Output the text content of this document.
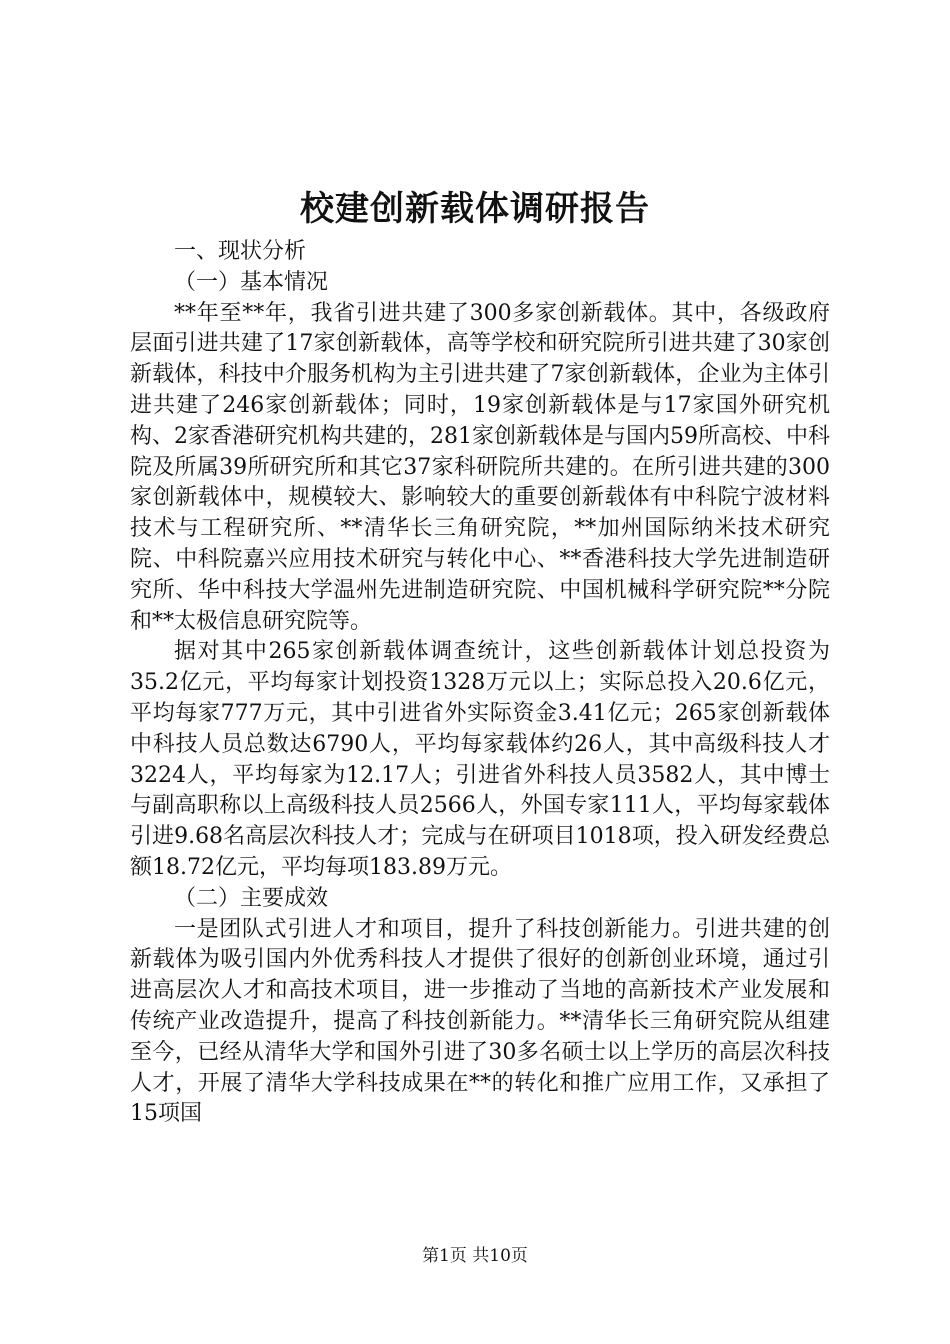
校建创新载体调研报告

一、现状分析

（一）基本情况

**年至**年，我省引进共建了300多家创新载体。其中，各级政府层面引进共建了17家创新载体，高等学校和研究院所引进共建了30家创新载体，科技中介服务机构为主引进共建了7家创新载体，企业为主体引进共建了246家创新载体；同时，19家创新载体是与17家国外研究机构、2家香港研究机构共建的，281家创新载体是与国内59所高校、中科院及所属39所研究所和其它37家科研院所共建的。在所引进共建的300家创新载体中，规模较大、影响较大的重要创新载体有中科院宁波材料技术与工程研究所、**清华长三角研究院，**加州国际纳米技术研究院、中科院嘉兴应用技术研究与转化中心、**香港科技大学先进制造研究所、华中科技大学温州先进制造研究院、中国机械科学研究院**分院和**太极信息研究院等。

据对其中265家创新载体调查统计，这些创新载体计划总投资为35.2亿元，平均每家计划投资1328万元以上；实际总投入20.6亿元，平均每家777万元，其中引进省外实际资金3.41亿元；265家创新载体中科技人员总数达6790人，平均每家载体约26人，其中高级科技人才3224人，平均每家为12.17人；引进省外科技人员3582人，其中博士与副高职称以上高级科技人员2566人，外国专家111人，平均每家载体引进9.68名高层次科技人才；完成与在研项目1018项，投入研发经费总额18.72亿元，平均每项183.89万元。

（二）主要成效

一是团队式引进人才和项目，提升了科技创新能力。引进共建的创新载体为吸引国内外优秀科技人才提供了很好的创新创业环境，通过引进高层次人才和高技术项目，进一步推动了当地的高新技术产业发展和传统产业改造提升，提高了科技创新能力。**清华长三角研究院从组建至今，已经从清华大学和国外引进了30多名硕士以上学历的高层次科技人才，开展了清华大学科技成果在**的转化和推广应用工作，又承担了15项国

第1页 共10页
